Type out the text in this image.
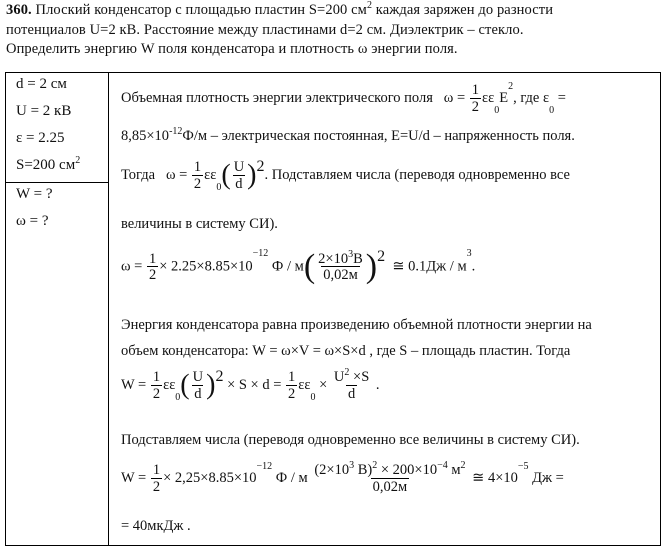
360. Плоский конденсатор с площадью пластин S=200 $см^2$ каждая заряжен до разности
потенциалов U=2 кВ. Расстояние между пластинами d=2 см. Диэлектрик – стекло.
Определить энергию W поля конденсатора и плотность ω энергии поля.
d = 2 см
U = 2 кВ
ε = 2.25
S=200 $см^2$
W = ?
ω = ?
Объемная плотность энергии электрического поля $\omega = \frac{1}{2} \varepsilon\varepsilon 0E^2$, где ε0 =
$8,85\times 10^{-12}Ф/м$ – электрическая постоянная, E=U/d – напряженность поля.
Тогда $\omega = \frac{1}{2} \varepsilon\varepsilon 0( \frac{U}{d} )2$. Подставляем числа (переводя одновременно все
величины в систему СИ).
$\omega = \frac{1}{2} \times 2.25\times 8.85\times 10^{-12}$ Ф / $м( \frac{2\times 10^3В}{0,02м} )2$  ≅ $0.1Дж / м^3$.
Энергия конденсатора равна произведению объемной плотности энергии на
объем конденсатора: W = ω×V = ω×S×d , где S – площадь пластин. Тогда
$W = \frac{1}{2} \varepsilon\varepsilon 0( \frac{U}{d} )2 \times S \times d = \frac{1}{2} \varepsilon\varepsilon 0 \times \frac{U^2 \times S}{d}$ .
Подставляем числа (переводя одновременно все величины в систему СИ).
$W = \frac{1}{2} \times 2,25\times 8.85\times 10^{-12}$ Ф / м $\frac{(2\times 10^3 В)^2 \times 200\times 10^{-4} м^2}{0,02м}$ ≅ $4\times 10^{-5}$ Дж =
= 40мкДж .
